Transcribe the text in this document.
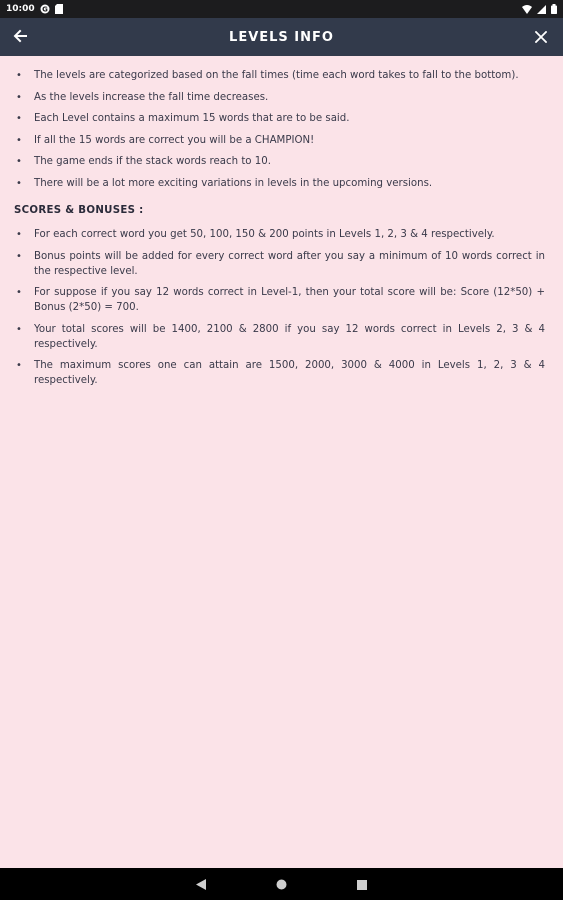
10:00 G
LEVELS INFO
• The levels are categorized based on the fall times (time each word takes to fall to the bottom).
• As the levels increase the fall time decreases.
• Each Level contains a maximum 15 words that are to be said.
• If all the 15 words are correct you will be a CHAMPION!
• The game ends if the stack words reach to 10.
• There will be a lot more exciting variations in levels in the upcoming versions.
SCORES & BONUSES :
• For each correct word you get 50, 100, 150 & 200 points in Levels 1, 2, 3 & 4 respectively.
• Bonus points will be added for every correct word after you say a minimum of 10 words correct in the respective level.
• For suppose if you say 12 words correct in Level-1, then your total score will be: Score (12*50) + Bonus (2*50) = 700.
• Your total scores will be 1400, 2100 & 2800 if you say 12 words correct in Levels 2, 3 & 4 respectively.
• The maximum scores one can attain are 1500, 2000, 3000 & 4000 in Levels 1, 2, 3 & 4 respectively.
